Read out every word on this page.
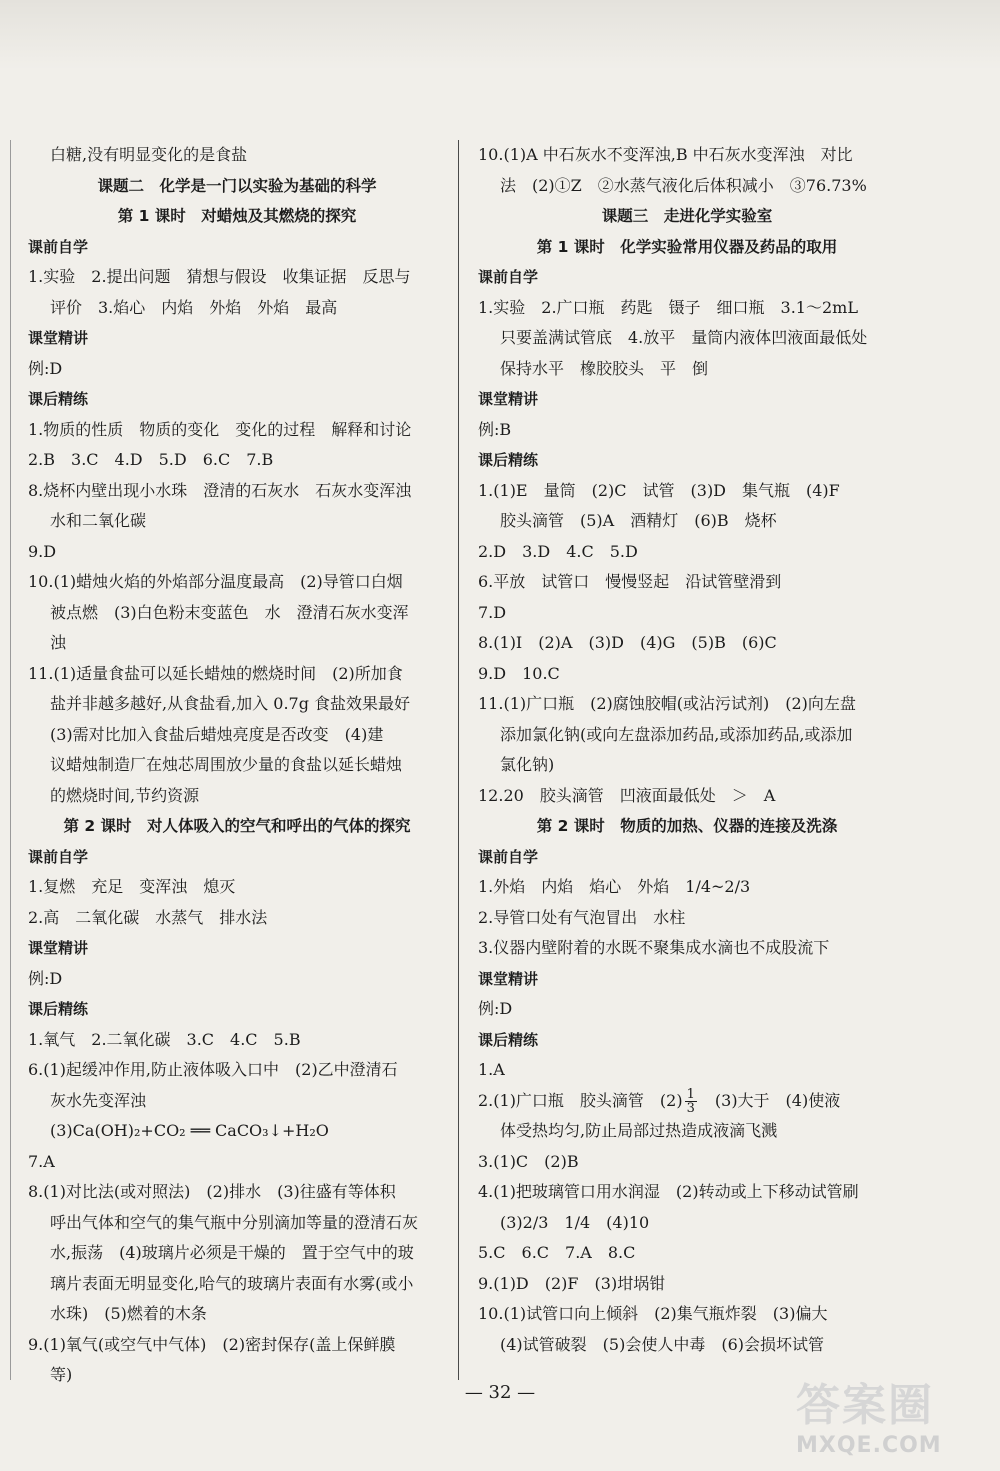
白糖,没有明显变化的是食盐
课题二　化学是一门以实验为基础的科学
第 1 课时　对蜡烛及其燃烧的探究
课前自学
1.实验　2.提出问题　猜想与假设　收集证据　反思与
评价　3.焰心　内焰　外焰　外焰　最高
课堂精讲
例:D
课后精练
1.物质的性质　物质的变化　变化的过程　解释和讨论
2.B　3.C　4.D　5.D　6.C　7.B
8.烧杯内壁出现小水珠　澄清的石灰水　石灰水变浑浊
水和二氧化碳
9.D
10.(1)蜡烛火焰的外焰部分温度最高　(2)导管口白烟
被点燃　(3)白色粉末变蓝色　水　澄清石灰水变浑
浊
11.(1)适量食盐可以延长蜡烛的燃烧时间　(2)所加食
盐并非越多越好,从食盐看,加入 0.7g 食盐效果最好
(3)需对比加入食盐后蜡烛亮度是否改变　(4)建
议蜡烛制造厂在烛芯周围放少量的食盐以延长蜡烛
的燃烧时间,节约资源
第 2 课时　对人体吸入的空气和呼出的气体的探究
课前自学
1.复燃　充足　变浑浊　熄灭
2.高　二氧化碳　水蒸气　排水法
课堂精讲
例:D
课后精练
1.氧气　2.二氧化碳　3.C　4.C　5.B
6.(1)起缓冲作用,防止液体吸入口中　(2)乙中澄清石
灰水先变浑浊
(3)Ca(OH)₂+CO₂ ══ CaCO₃↓+H₂O
7.A
8.(1)对比法(或对照法)　(2)排水　(3)往盛有等体积
呼出气体和空气的集气瓶中分别滴加等量的澄清石灰
水,振荡　(4)玻璃片必须是干燥的　置于空气中的玻
璃片表面无明显变化,哈气的玻璃片表面有水雾(或小
水珠)　(5)燃着的木条
9.(1)氧气(或空气中气体)　(2)密封保存(盖上保鲜膜
等)
10.(1)A 中石灰水不变浑浊,B 中石灰水变浑浊　对比
法　(2)①Z　②水蒸气液化后体积减小　③76.73%
课题三　走进化学实验室
第 1 课时　化学实验常用仪器及药品的取用
课前自学
1.实验　2.广口瓶　药匙　镊子　细口瓶　3.1～2mL
只要盖满试管底　4.放平　量筒内液体凹液面最低处
保持水平　橡胶胶头　平　倒
课堂精讲
例:B
课后精练
1.(1)E　量筒　(2)C　试管　(3)D　集气瓶　(4)F
胶头滴管　(5)A　酒精灯　(6)B　烧杯
2.D　3.D　4.C　5.D
6.平放　试管口　慢慢竖起　沿试管壁滑到
7.D
8.(1)I　(2)A　(3)D　(4)G　(5)B　(6)C
9.D　10.C
11.(1)广口瓶　(2)腐蚀胶帽(或沾污试剂)　(2)向左盘
添加氯化钠(或向左盘添加药品,或添加药品,或添加
氯化钠)
12.20　胶头滴管　凹液面最低处　＞　A
第 2 课时　物质的加热、仪器的连接及洗涤
课前自学
1.外焰　内焰　焰心　外焰　1/4~2/3
2.导管口处有气泡冒出　水柱
3.仪器内壁附着的水既不聚集成水滴也不成股流下
课堂精讲
例:D
课后精练
1.A
2.(1)广口瓶　胶头滴管　$(2) \frac{1}{3}$ 　(3)大于　(4)使液
体受热均匀,防止局部过热造成液滴飞溅
3.(1)C　(2)B
4.(1)把玻璃管口用水润湿　(2)转动或上下移动试管刷
(3)2/3　1/4　(4)10
5.C　6.C　7.A　8.C
9.(1)D　(2)F　(3)坩埚钳
10.(1)试管口向上倾斜　(2)集气瓶炸裂　(3)偏大
(4)试管破裂　(5)会使人中毒　(6)会损坏试管
— 32 —	答案圈
MXQE.COM
